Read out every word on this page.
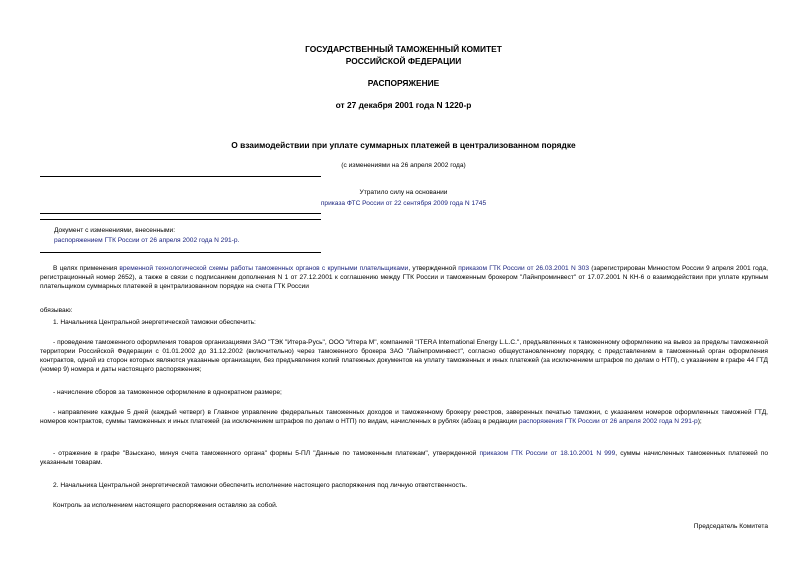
ГОСУДАРСТВЕННЫЙ ТАМОЖЕННЫЙ КОМИТЕТ
РОССИЙСКОЙ ФЕДЕРАЦИИ
РАСПОРЯЖЕНИЕ
от 27 декабря 2001 года N 1220-р
О взаимодействии при уплате суммарных платежей в централизованном порядке
(с изменениями на 26 апреля 2002 года)
Утратило силу на основании
приказа ФТС России от 22 сентября 2009 года N 1745
Документ с изменениями, внесенными:
распоряжением ГТК России от 26 апреля 2002 года N 291-р.
В целях применения временной технологической схемы работы таможенных органов с крупными плательщиками, утвержденной приказом ГТК России от 26.03.2001 N 303 (зарегистрирован Минюстом России 9 апреля 2001 года, регистрационный номер 2652), а также в связи с подписанием дополнения N 1 от 27.12.2001 к соглашению между ГТК России и таможенным брокером "Лайнпроминвест" от 17.07.2001 N КН-6 о взаимодействии при уплате крупным плательщиком суммарных платежей в централизованном порядке на счета ГТК России
обязываю:
1. Начальника Центральной энергетической таможни обеспечить:
- проведение таможенного оформления товаров организациями ЗАО "ТЭК "Итера-Русь", ООО "Итера М", компанией "ITERA International Energy L.L.C.", предъявленных к таможенному оформлению на вывоз за пределы таможенной территории Российской Федерации с 01.01.2002 до 31.12.2002 (включительно) через таможенного брокера ЗАО "Лайнпроминвест", согласно общеустановленному порядку, с представлением в таможенный орган оформления контрактов, одной из сторон которых являются указанные организации, без предъявления копий платежных документов на уплату таможенных и иных платежей (за исключением штрафов по делам о НТП), с указанием в графе 44 ГТД (номер 9) номера и даты настоящего распоряжения;
- начисление сборов за таможенное оформление в однократном размере;
- направление каждые 5 дней (каждый четверг) в Главное управление федеральных таможенных доходов и таможенному брокеру реестров, заверенных печатью таможни, с указанием номеров оформленных таможней ГТД, номеров контрактов, суммы таможенных и иных платежей (за исключением штрафов по делам о НТП) по видам, начисленных в рублях (абзац в редакции распоряжения ГТК России от 26 апреля 2002 года N 291-р);
- отражение в графе "Взыскано, минуя счета таможенного органа" формы 5-ПЛ "Данные по таможенным платежам", утвержденной приказом ГТК России от 18.10.2001 N 999, суммы начисленных таможенных платежей по указанным товарам.
2. Начальника Центральной энергетической таможни обеспечить исполнение настоящего распоряжения под личную ответственность.
Контроль за исполнением настоящего распоряжения оставляю за собой.
Председатель Комитета
